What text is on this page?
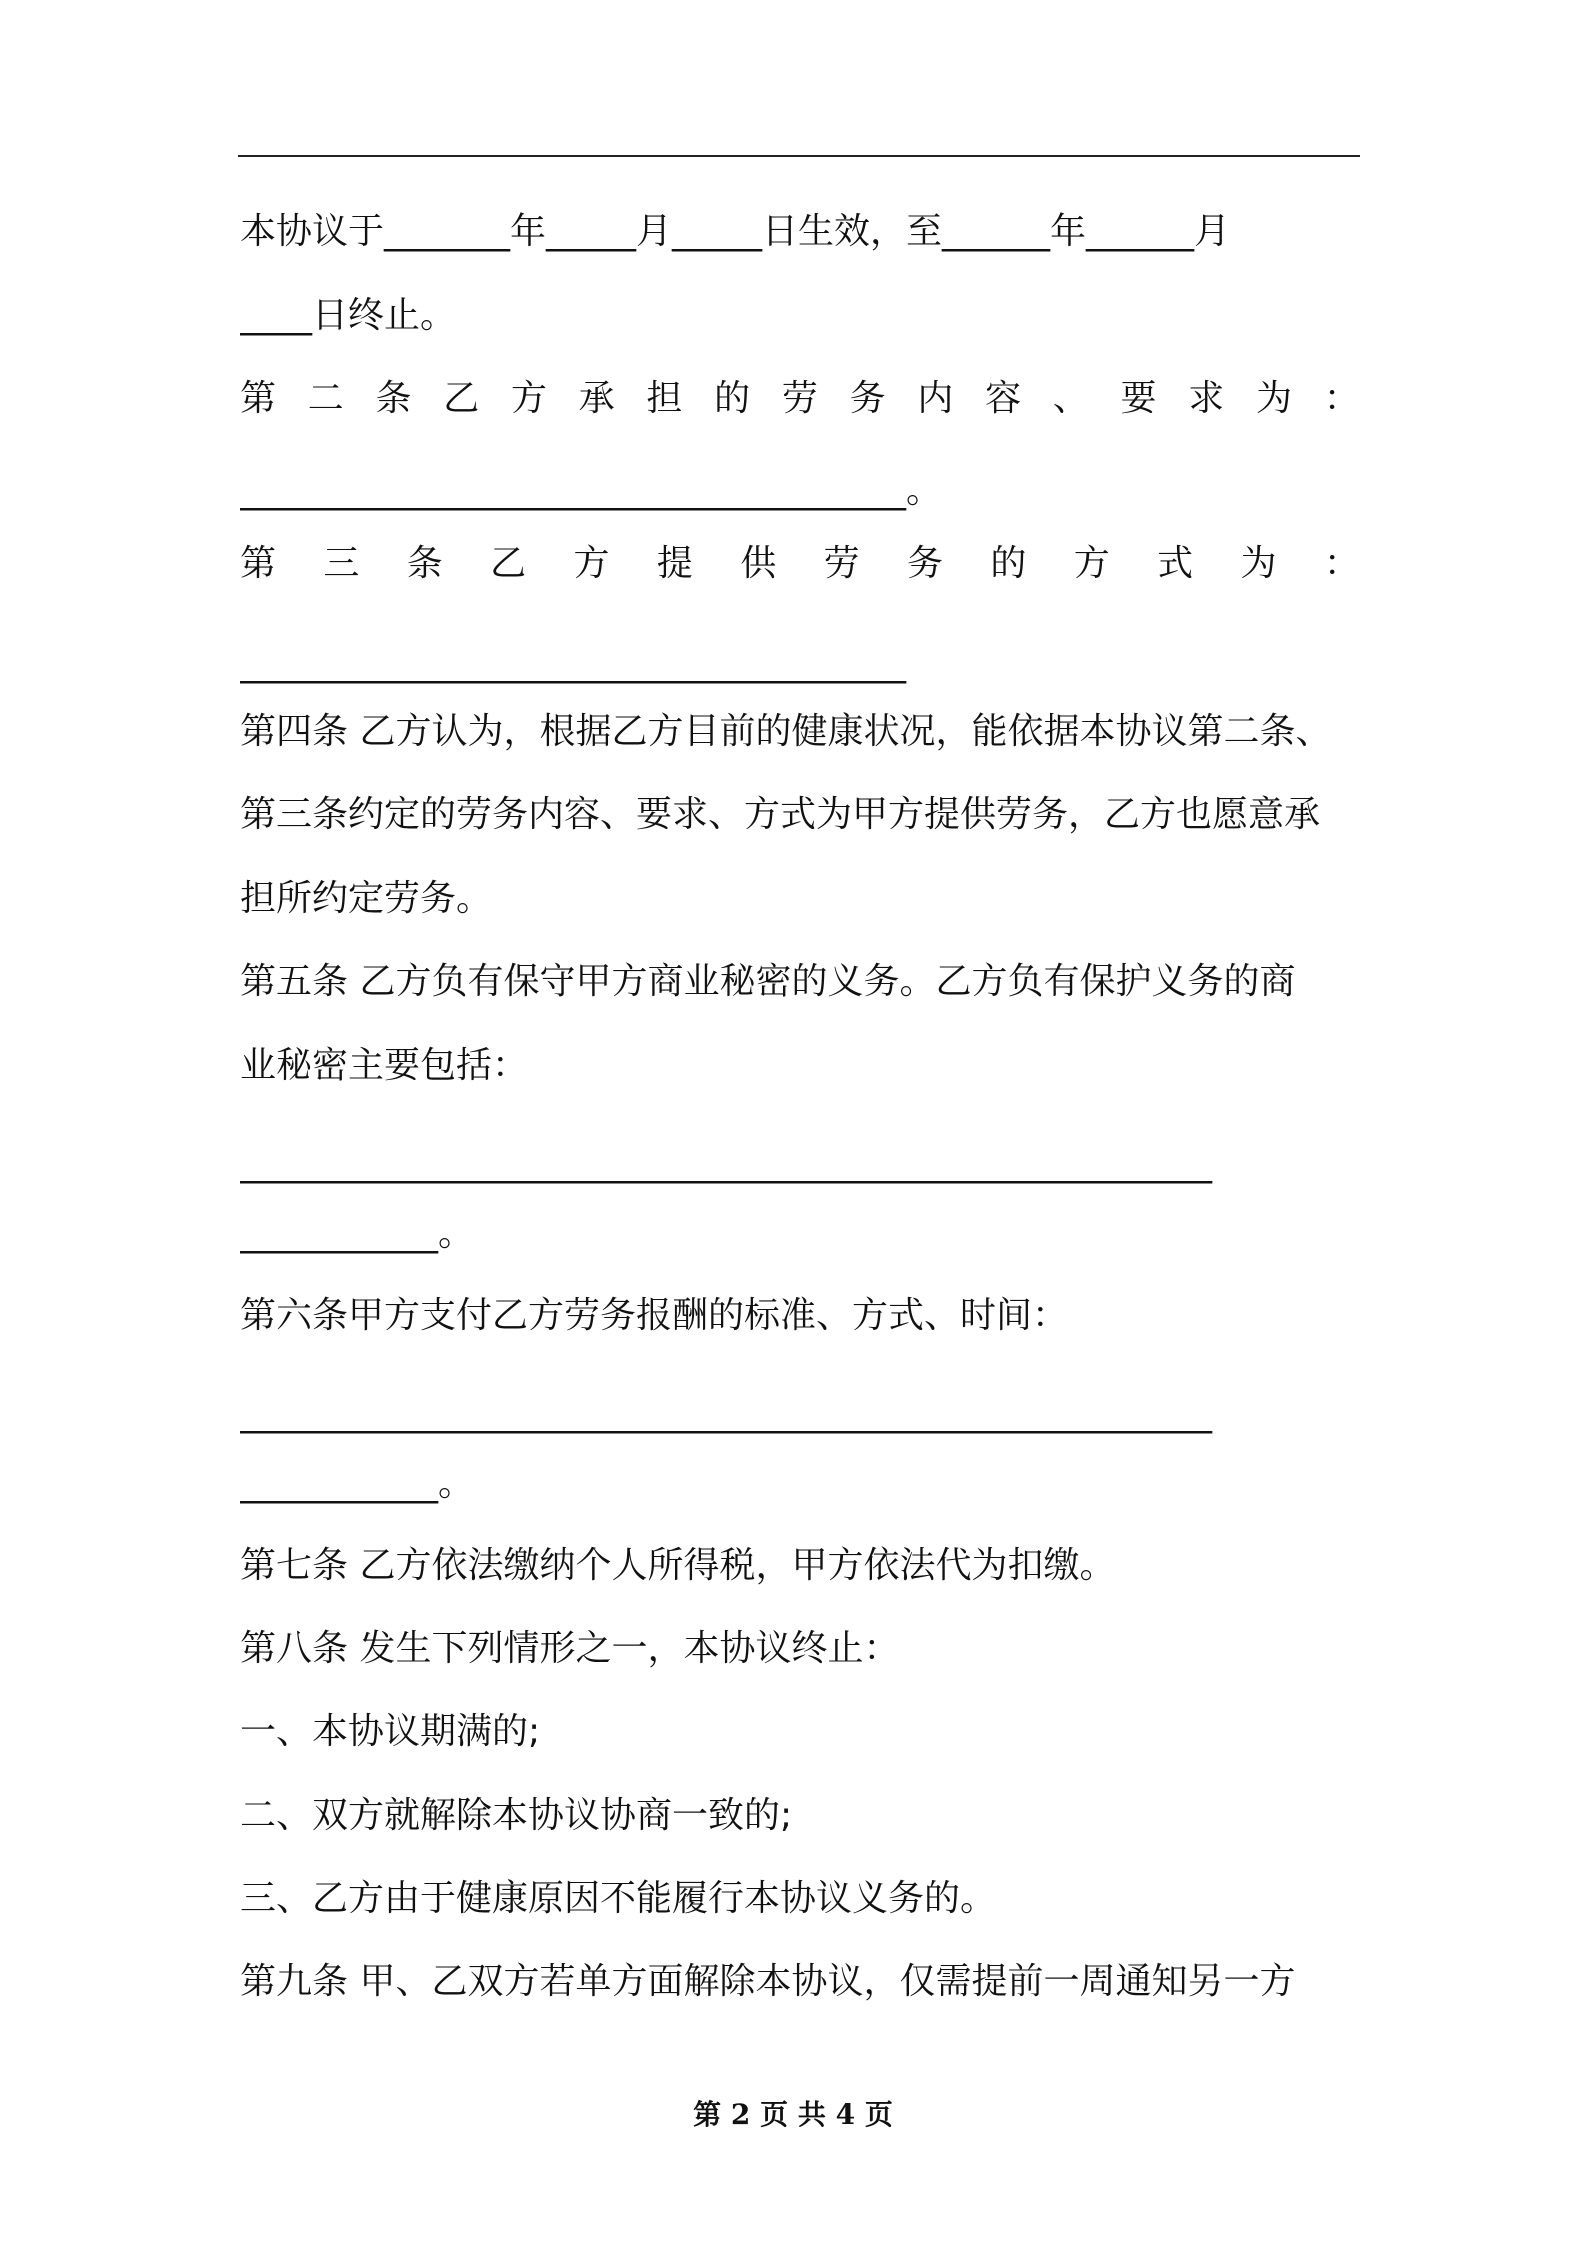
本协议于_______年_____月_____日生效，至______年______月
____日终止。
第 二 条 乙 方 承 担 的 劳 务 内 容 、 要 求 为 ：
_____________________________________。
第 三 条 乙 方 提 供 劳 务 的 方 式 为 ：
_____________________________________
第四条 乙方认为，根据乙方目前的健康状况，能依据本协议第二条、
第三条约定的劳务内容、要求、方式为甲方提供劳务，乙方也愿意承
担所约定劳务。
第五条 乙方负有保守甲方商业秘密的义务。乙方负有保护义务的商
业秘密主要包括：
______________________________________________________
___________。
第六条甲方支付乙方劳务报酬的标准、方式、时间：
______________________________________________________
___________。
第七条 乙方依法缴纳个人所得税，甲方依法代为扣缴。
第八条 发生下列情形之一，本协议终止：
一、本协议期满的;
二、双方就解除本协议协商一致的;
三、乙方由于健康原因不能履行本协议义务的。
第九条 甲、乙双方若单方面解除本协议，仅需提前一周通知另一方
第 2 页 共 4 页
